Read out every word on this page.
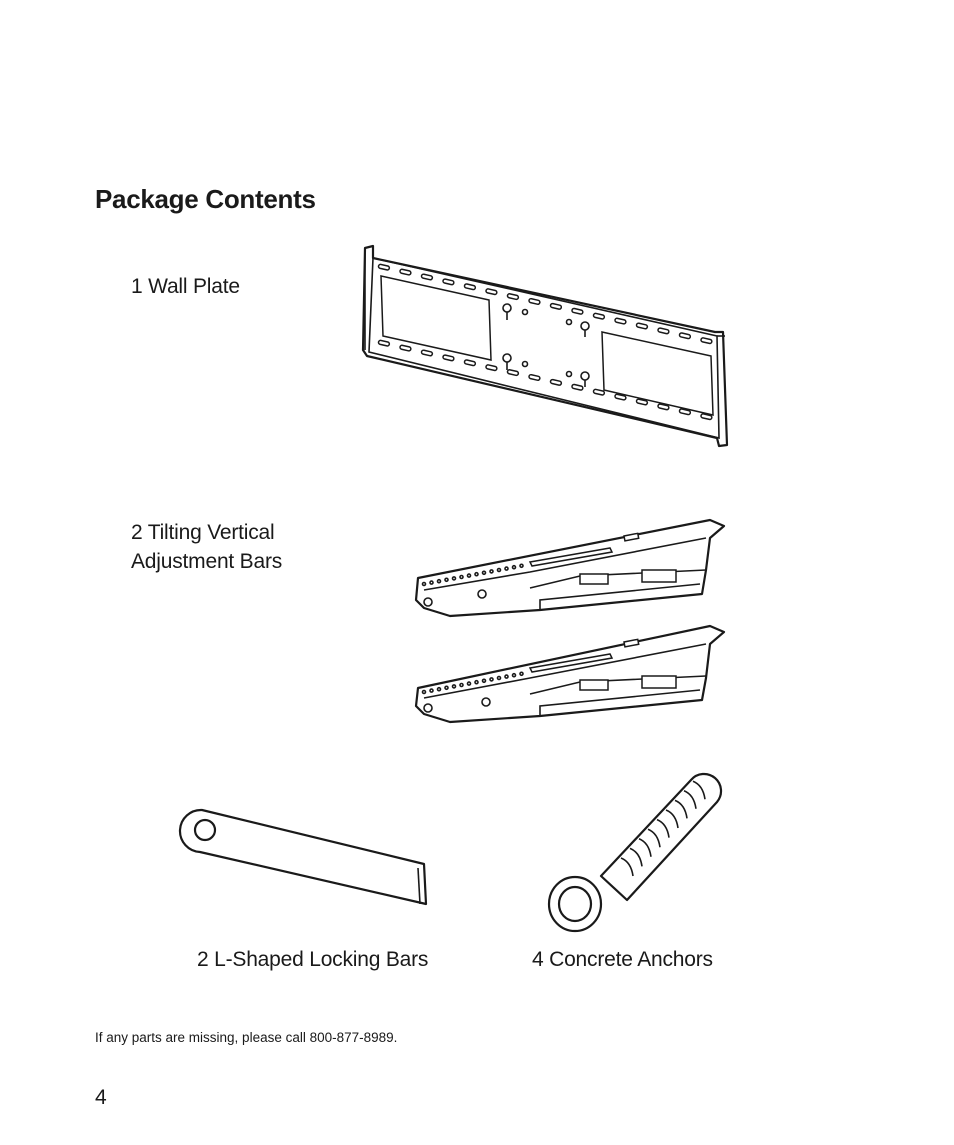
Package Contents
1 Wall Plate
2 Tilting Vertical
Adjustment Bars
2 L-Shaped Locking Bars	4 Concrete Anchors
If any parts are missing, please call 800-877-8989.
4
